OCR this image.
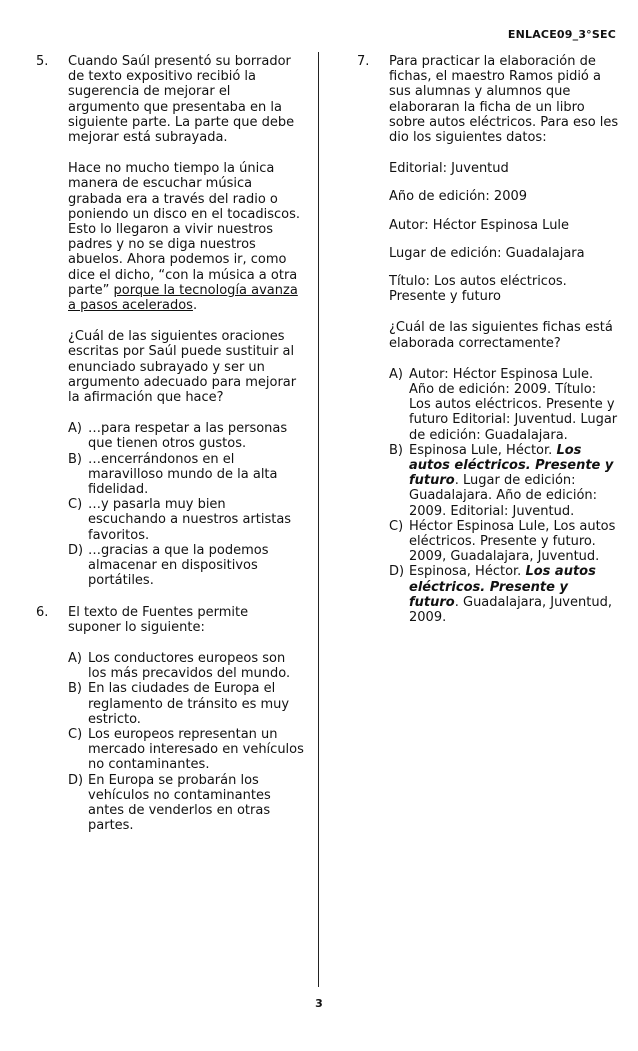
ENLACE09_3°SEC
5. Cuando Saúl presentó su borrador de texto expositivo recibió la sugerencia de mejorar el argumento que presentaba en la siguiente parte. La parte que debe mejorar está subrayada.

Hace no mucho tiempo la única manera de escuchar música grabada era a través del radio o poniendo un disco en el tocadiscos. Esto lo llegaron a vivir nuestros padres y no se diga nuestros abuelos. Ahora podemos ir, como dice el dicho, “con la música a otra parte” porque la tecnología avanza a pasos acelerados.

¿Cuál de las siguientes oraciones escritas por Saúl puede sustituir al enunciado subrayado y ser un argumento adecuado para mejorar la afirmación que hace?

A) …para respetar a las personas que tienen otros gustos.
B) …encerrándonos en el maravilloso mundo de la alta fidelidad.
C) …y pasarla muy bien escuchando a nuestros artistas favoritos.
D) …gracias a que la podemos almacenar en dispositivos portátiles.
6. El texto de Fuentes permite suponer lo siguiente:

A) Los conductores europeos son los más precavidos del mundo.
B) En las ciudades de Europa el reglamento de tránsito es muy estricto.
C) Los europeos representan un mercado interesado en vehículos no contaminantes.
D) En Europa se probarán los vehículos no contaminantes antes de venderlos en otras partes.
7. Para practicar la elaboración de fichas, el maestro Ramos pidió a sus alumnas y alumnos que elaboraran la ficha de un libro sobre autos eléctricos. Para eso les dio los siguientes datos:

Editorial: Juventud
Año de edición: 2009
Autor: Héctor Espinosa Lule
Lugar de edición: Guadalajara

Título: Los autos eléctricos. Presente y futuro

¿Cuál de las siguientes fichas está elaborada correctamente?

A) Autor: Héctor Espinosa Lule. Año de edición: 2009. Título: Los autos eléctricos. Presente y futuro Editorial: Juventud. Lugar de edición: Guadalajara.
B) Espinosa Lule, Héctor. Los autos eléctricos. Presente y futuro. Lugar de edición: Guadalajara. Año de edición: 2009. Editorial: Juventud.
C) Héctor Espinosa Lule, Los autos eléctricos. Presente y futuro. 2009, Guadalajara, Juventud.
D) Espinosa, Héctor. Los autos eléctricos. Presente y futuro. Guadalajara, Juventud, 2009.
3
